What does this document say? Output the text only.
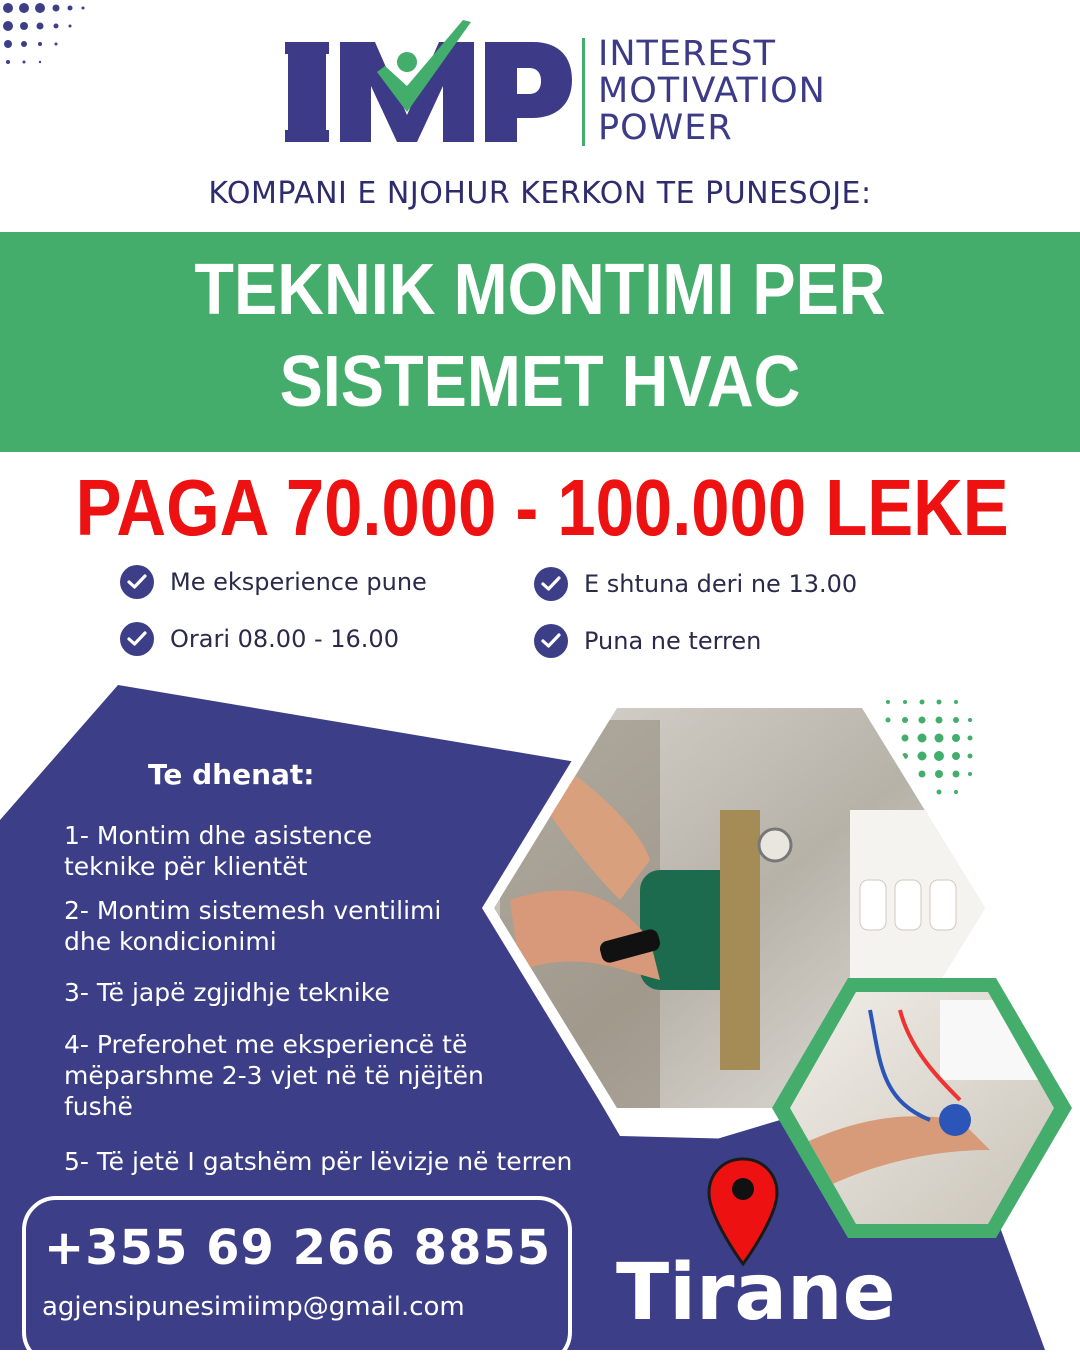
INTEREST
MOTIVATION
POWER
KOMPANI E NJOHUR KERKON TE PUNESOJE:
TEKNIK MONTIMI PER
SISTEMET HVAC
PAGA 70.000 - 100.000 LEKE
Me eksperience pune
Orari 08.00 - 16.00
E shtuna deri ne 13.00
Puna ne terren
Te dhenat:
1- Montim dhe asistence teknike për klientët
2- Montim sistemesh ventilimi dhe kondicionimi
3- Të japë zgjidhje teknike
4- Preferohet me eksperiencë të mëparshme 2-3 vjet në të njëjtën fushë
5- Të jetë I gatshëm për lëvizje në terren
+355 69 266 8855
agjensipunesimiimp@gmail.com Tirane
